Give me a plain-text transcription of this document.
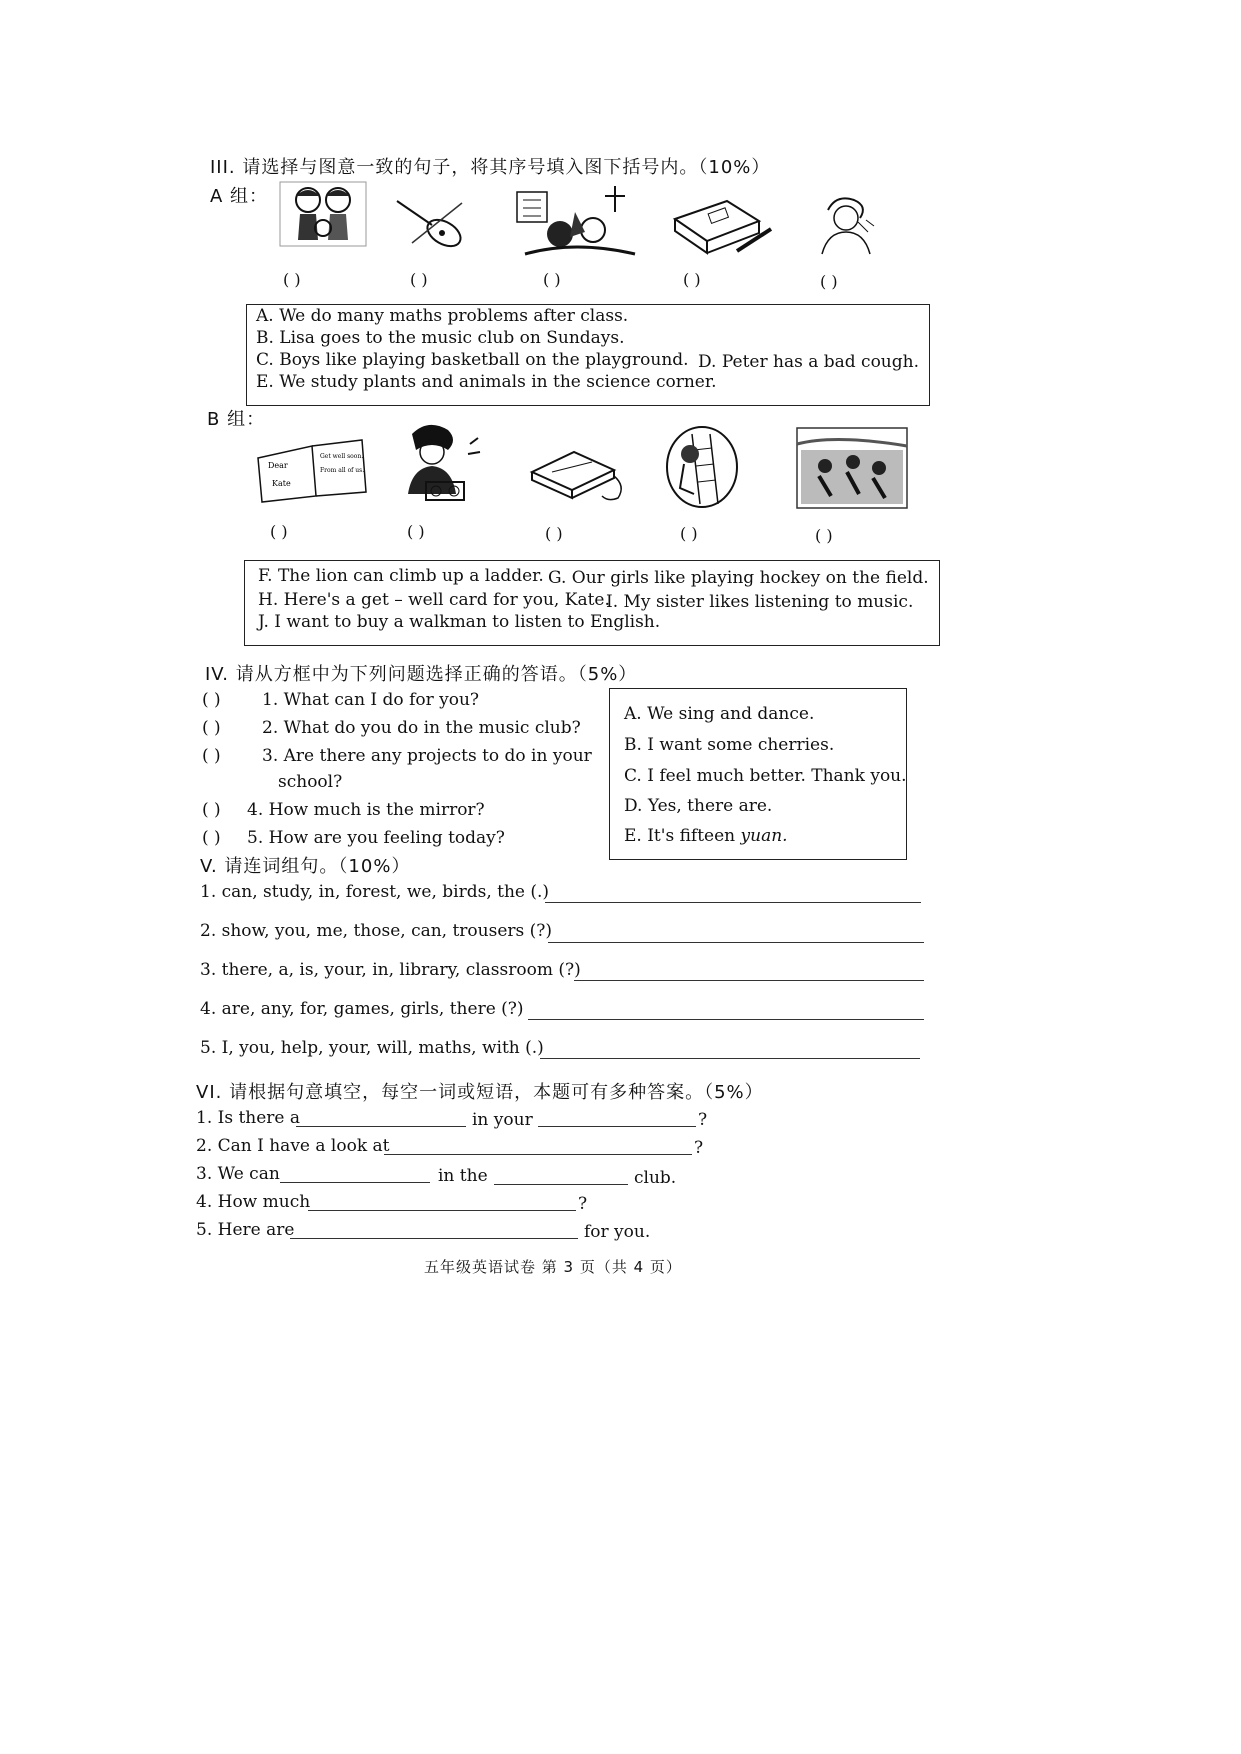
III. 请选择与图意一致的句子，将其序号填入图下括号内。（10%）
A 组：
( )	( )	( )	( )	( )
A. We do many maths problems after class.
B. Lisa goes to the music club on Sundays.
C. Boys like playing basketball on the playground. D. Peter has a bad cough.
E. We study plants and animals in the science corner.
B 组：
Dear
Kate
Get well soon.
From all of us.
( )	( )	( )	( )	( )
F. The lion can climb up a ladder. G. Our girls like playing hockey on the field.
H. Here's a get – well card for you, Kate.
I. My sister likes listening to music.
J. I want to buy a walkman to listen to English.
IV. 请从方框中为下列问题选择正确的答语。（5%）
( ) 1. What can I do for you?
( ) 2. What do you do in the music club?
( ) 3. Are there any projects to do in your
school?
( ) 4. How much is the mirror?
( ) 5. How are you feeling today?
A. We sing and dance.
B. I want some cherries.
C. I feel much better. Thank you.
D. Yes, there are.
E. It's fifteen yuan.
V. 请连词组句。（10%）
1. can, study, in, forest, we, birds, the (.)
2. show, you, me, those, can, trousers (?)
3. there, a, is, your, in, library, classroom (?)
4. are, any, for, games, girls, there (?)
5. I, you, help, your, will, maths, with (.)
VI. 请根据句意填空，每空一词或短语，本题可有多种答案。（5%）
1. Is there a	in your	?
2. Can I have a look at	?
3. We can	in the	club.
4. How much	?
5. Here are	for you.
五年级英语试卷 第 3 页（共 4 页）
